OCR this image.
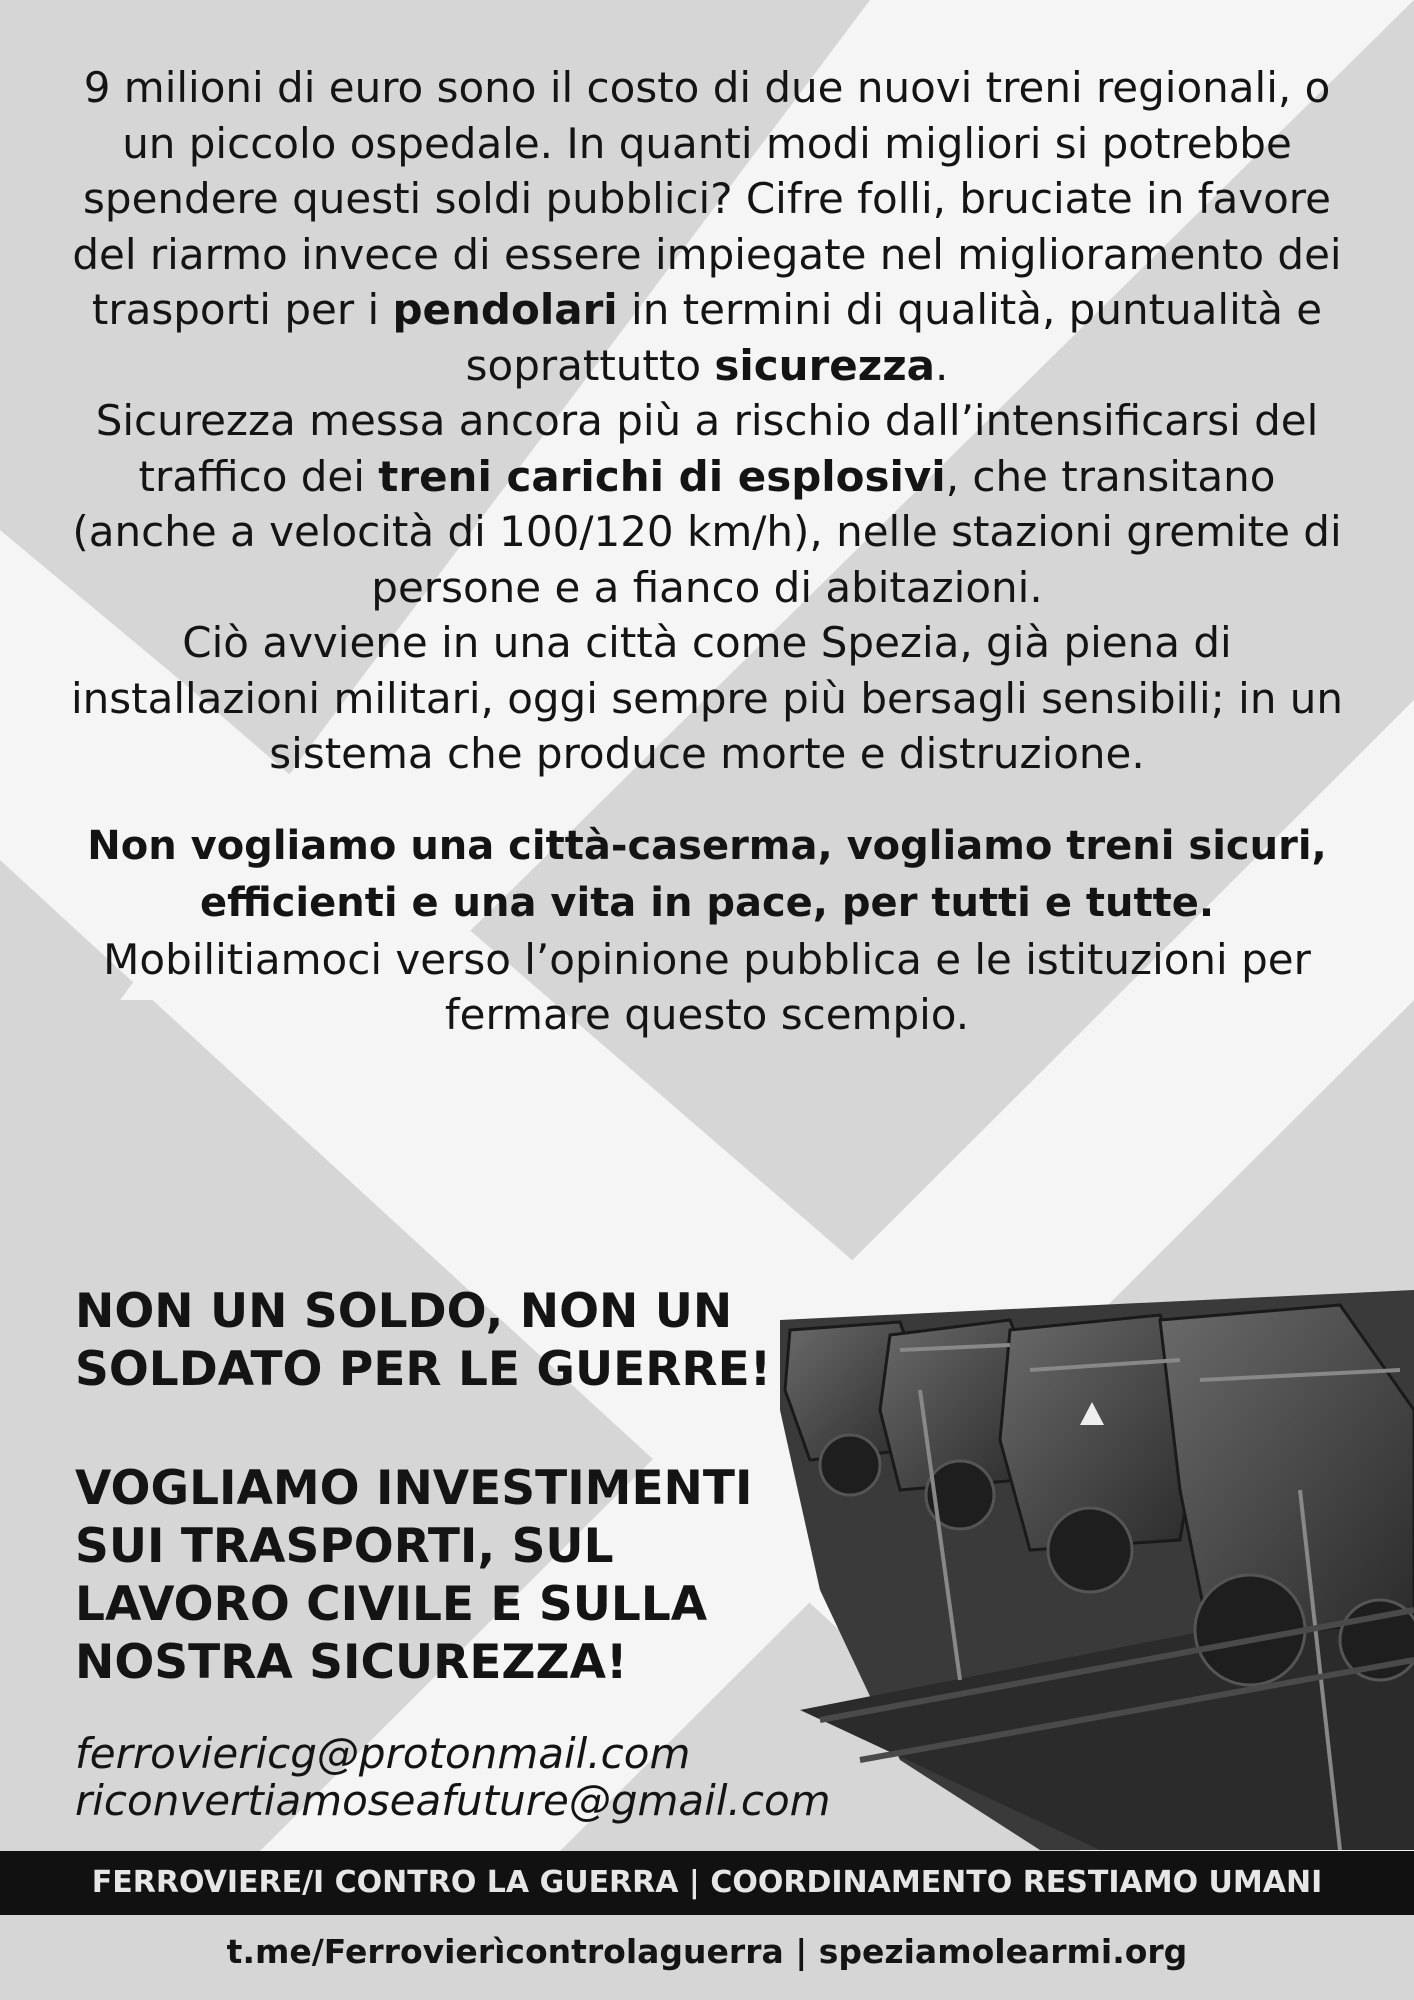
9 milioni di euro sono il costo di due nuovi treni regionali, o un piccolo ospedale. In quanti modi migliori si potrebbe spendere questi soldi pubblici? Cifre folli, bruciate in favore del riarmo invece di essere impiegate nel miglioramento dei trasporti per i pendolari in termini di qualità, puntualità e soprattutto sicurezza.

Sicurezza messa ancora più a rischio dall’intensificarsi del traffico dei treni carichi di esplosivi, che transitano (anche a velocità di 100/120 km/h), nelle stazioni gremite di persone e a fianco di abitazioni.

Ciò avviene in una città come Spezia, già piena di installazioni militari, oggi sempre più bersagli sensibili; in un sistema che produce morte e distruzione.

Non vogliamo una città-caserma, vogliamo treni sicuri, efficienti e una vita in pace, per tutti e tutte. Mobilitiamoci verso l’opinione pubblica e le istituzioni per fermare questo scempio.

NON UN SOLDO, NON UN SOLDATO PER LE GUERRE!
VOGLIAMO INVESTIMENTI SUI TRASPORTI, SUL LAVORO CIVILE E SULLA NOSTRA SICUREZZA!
ferroviericg@protonmail.com
riconvertiamoseafuture@gmail.com
FERROVIERE/I CONTRO LA GUERRA | COORDINAMENTO RESTIAMO UMANI
t.me/Ferrovierìcontrolaguerra | speziamolearmi.org
